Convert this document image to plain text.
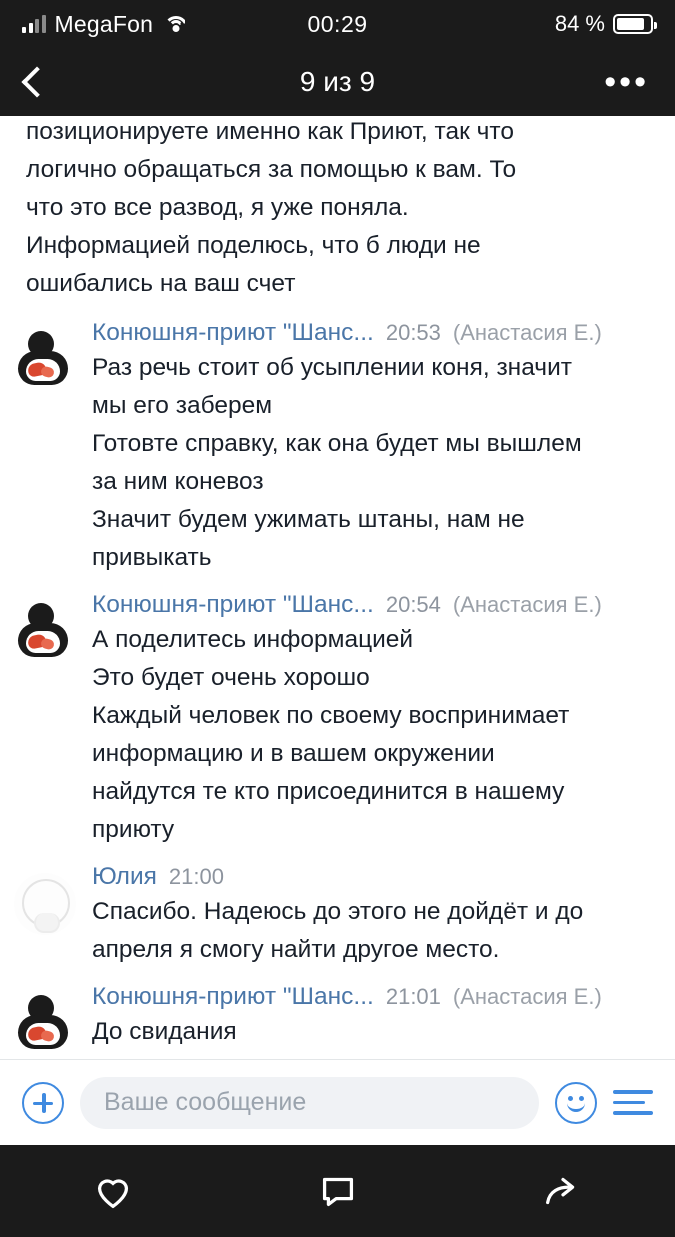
MegaFon	00:29	84 %
9 из 9	•••
позиционируете именно как Приют, так что
логично обращаться за помощью к вам. То
что это все развод, я уже поняла.
Информацией поделюсь, что б люди не
ошибались на ваш счет
Конюшня-приют "Шанс... 20:53 (Анастасия Е.)
Раз речь стоит об усыплении коня, значит
мы его заберем
Готовте справку, как она будет мы вышлем
за ним коневоз
Значит будем ужимать штаны, нам не
привыкать
Конюшня-приют "Шанс... 20:54 (Анастасия Е.)
А поделитесь информацией
Это будет очень хорошо
Каждый человек по своему воспринимает
информацию и в вашем окружении
найдутся те кто присоединится в нашему
приюту
Юлия 21:00
Спасибо. Надеюсь до этого не дойдёт и до
апреля я смогу найти другое место.
Конюшня-приют "Шанс... 21:01 (Анастасия Е.)
До свидания
Ваше сообщение
